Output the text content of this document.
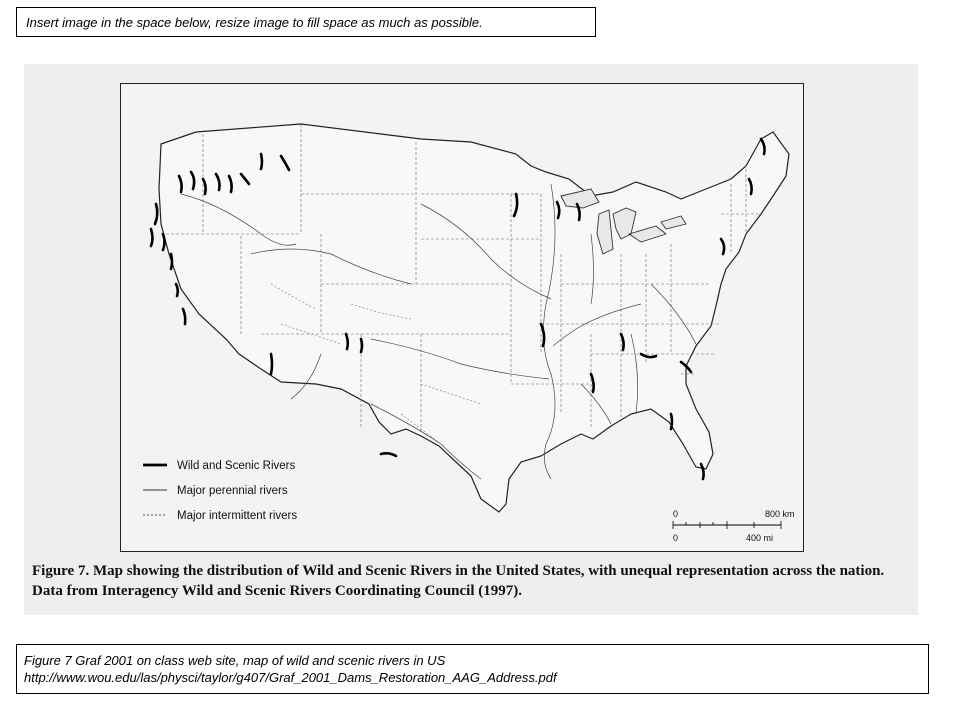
Insert image in the space below, resize image to fill space as much as possible.
Wild and Scenic Rivers
Major perennial rivers
Major intermittent rivers	0	800 km
0	400 mi
Figure 7. Map showing the distribution of Wild and Scenic Rivers in the United States, with unequal representation across the nation. Data from Interagency Wild and Scenic Rivers Coordinating Council (1997).
Figure 7 Graf 2001 on class web site, map of wild and scenic rivers in US
http://www.wou.edu/las/physci/taylor/g407/Graf_2001_Dams_Restoration_AAG_Address.pdf
